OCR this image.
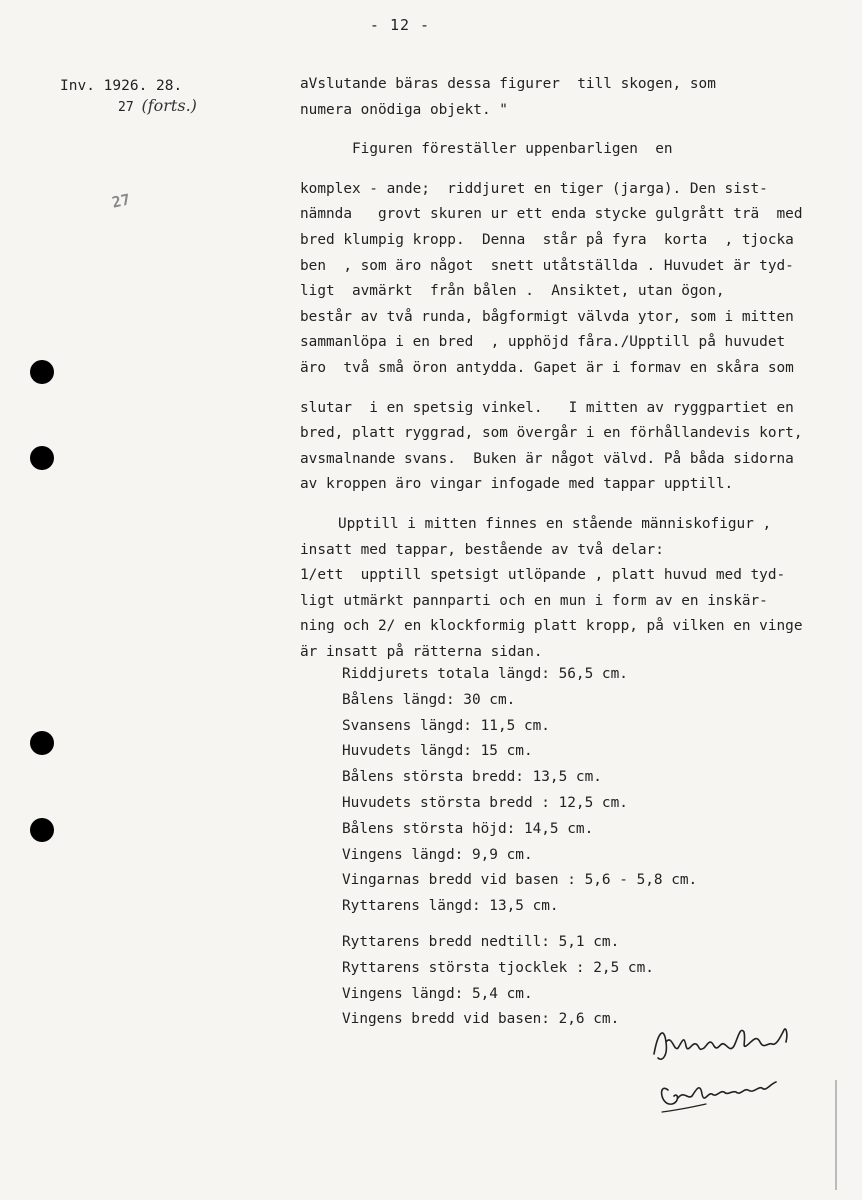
- 12 -
Inv. 1926. 28.
27 (forts.)
27

aVslutande bäras dessa figurer  till skogen, som

numera onödiga objekt. "

Figuren föreställer uppenbarligen  en

komplex - ande;  riddjuret en tiger (jarga). Den sist-

nämnda   grovt skuren ur ett enda stycke gulgrått trä  med

bred klumpig kropp.  Denna  står på fyra  korta  , tjocka

ben  , som äro något  snett utåtställda . Huvudet är tyd-

ligt  avmärkt  från bålen .  Ansiktet, utan ögon,

består av två runda, bågformigt välvda ytor, som i mitten

sammanlöpa i en bred  , upphöjd fåra./Upptill på huvudet

äro  två små öron antydda. Gapet är i formav en skåra som

slutar  i en spetsig vinkel.   I mitten av ryggpartiet en

bred, platt ryggrad, som övergår i en förhållandevis kort,

avsmalnande svans.  Buken är något välvd. På båda sidorna

av kroppen äro vingar infogade med tappar upptill.

Upptill i mitten finnes en stående människofigur ,

insatt med tappar, bestående av två delar:

1/ett  upptill spetsigt utlöpande , platt huvud med tyd-

ligt utmärkt pannparti och en mun i form av en inskär-

ning och 2/ en klockformig platt kropp, på vilken en vinge

är insatt på rätterna sidan.

Riddjurets totala längd: 56,5 cm.

Bålens längd: 30 cm.

Svansens längd: 11,5 cm.

Huvudets längd: 15 cm.

Bålens största bredd: 13,5 cm.

Huvudets största bredd : 12,5 cm.

Bålens största höjd: 14,5 cm.

Vingens längd: 9,9 cm.

Vingarnas bredd vid basen : 5,6 - 5,8 cm.

Ryttarens längd: 13,5 cm.

Ryttarens bredd nedtill: 5,1 cm.

Ryttarens största tjocklek : 2,5 cm.

Vingens längd: 5,4 cm.

Vingens bredd vid basen: 2,6 cm.
